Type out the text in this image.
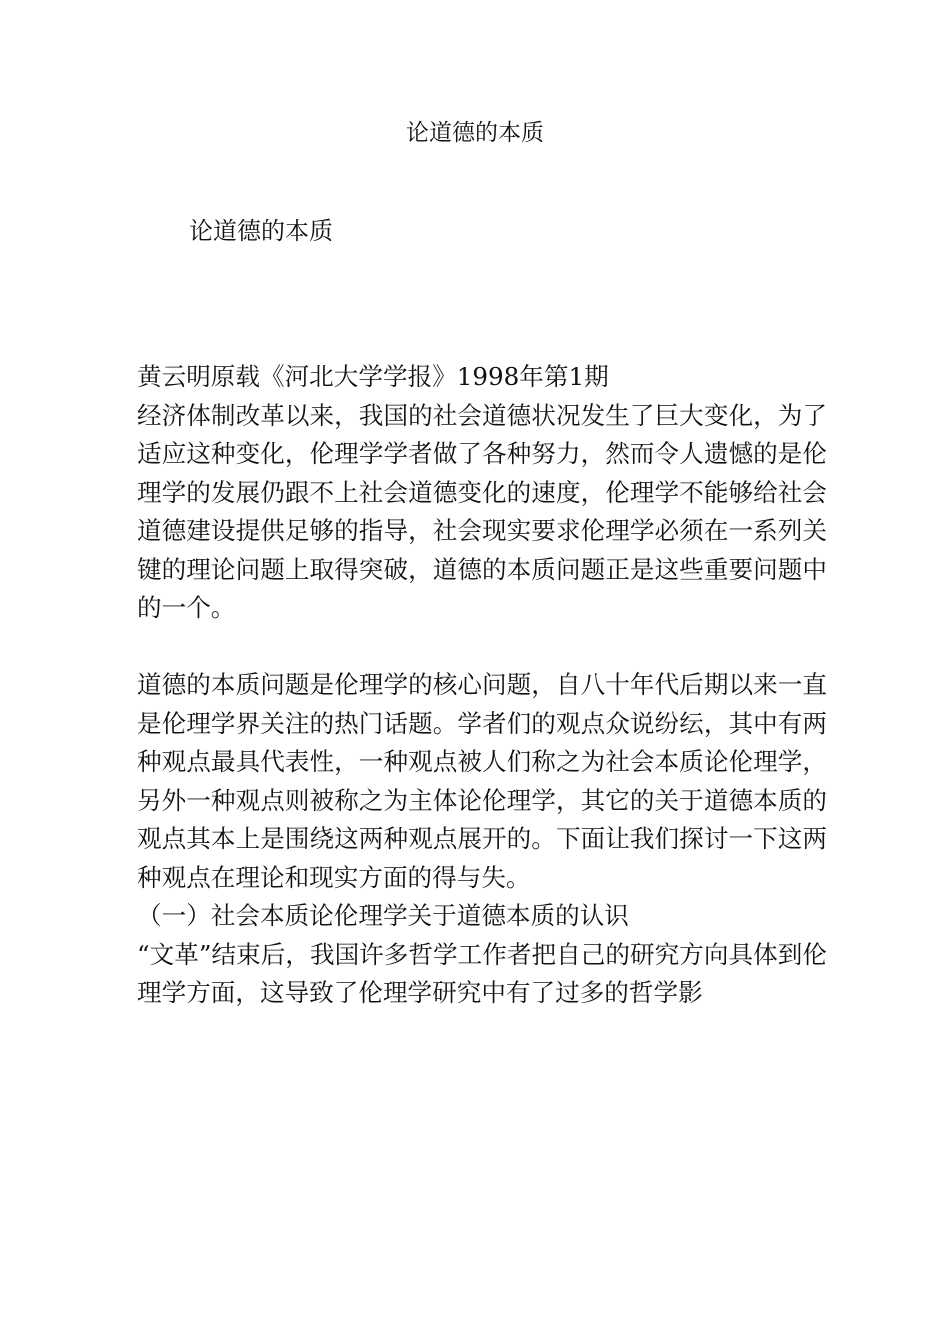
论道德的本质
论道德的本质

黄云明原载《河北大学学报》1998年第1期

经济体制改革以来，我国的社会道德状况发生了巨大变化，为了适应这种变化，伦理学学者做了各种努力，然而令人遗憾的是伦理学的发展仍跟不上社会道德变化的速度，伦理学不能够给社会道德建设提供足够的指导，社会现实要求伦理学必须在一系列关键的理论问题上取得突破，道德的本质问题正是这些重要问题中的一个。

道德的本质问题是伦理学的核心问题，自八十年代后期以来一直是伦理学界关注的热门话题。学者们的观点众说纷纭，其中有两种观点最具代表性，一种观点被人们称之为社会本质论伦理学，另外一种观点则被称之为主体论伦理学，其它的关于道德本质的观点其本上是围绕这两种观点展开的。下面让我们探讨一下这两种观点在理论和现实方面的得与失。

（一）社会本质论伦理学关于道德本质的认识

“文革”结束后，我国许多哲学工作者把自己的研究方向具体到伦理学方面，这导致了伦理学研究中有了过多的哲学影
